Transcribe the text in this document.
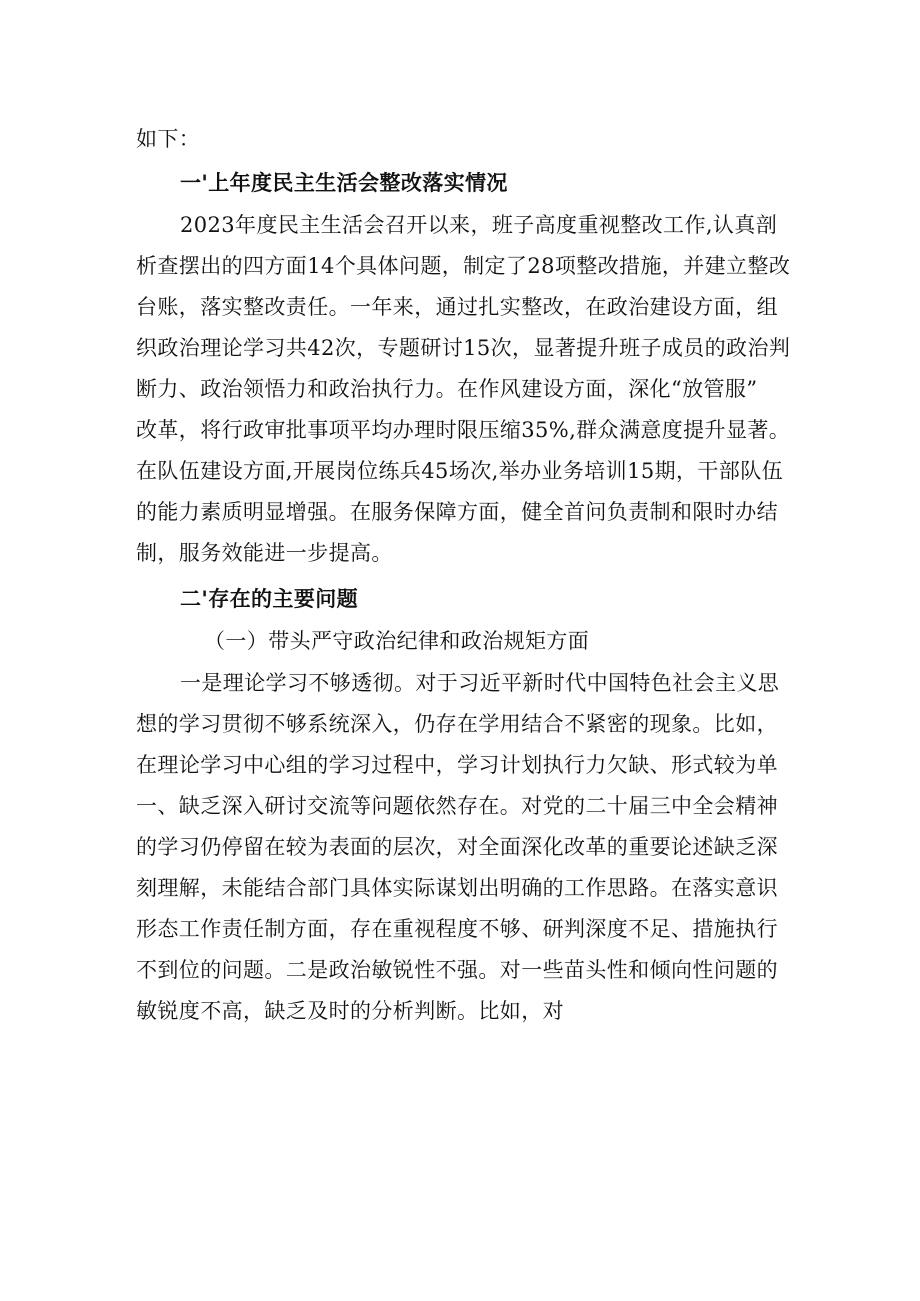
如下：
一'上年度民主生活会整改落实情况
2023年度民主生活会召开以来，班子高度重视整改工作,认真剖
析查摆出的四方面14个具体问题，制定了28项整改措施，并建立整改
台账，落实整改责任。一年来，通过扎实整改，在政治建设方面，组
织政治理论学习共42次，专题研讨15次，显著提升班子成员的政治判
断力、政治领悟力和政治执行力。在作风建设方面，深化“放管服”
改革，将行政审批事项平均办理时限压缩35%,群众满意度提升显著。
在队伍建设方面,开展岗位练兵45场次,举办业务培训15期，干部队伍
的能力素质明显增强。在服务保障方面，健全首问负责制和限时办结
制，服务效能进一步提高。
二'存在的主要问题
（一）带头严守政治纪律和政治规矩方面
一是理论学习不够透彻。对于习近平新时代中国特色社会主义思
想的学习贯彻不够系统深入，仍存在学用结合不紧密的现象。比如，
在理论学习中心组的学习过程中，学习计划执行力欠缺、形式较为单
一、缺乏深入研讨交流等问题依然存在。对党的二十届三中全会精神
的学习仍停留在较为表面的层次，对全面深化改革的重要论述缺乏深
刻理解，未能结合部门具体实际谋划出明确的工作思路。在落实意识
形态工作责任制方面，存在重视程度不够、研判深度不足、措施执行
不到位的问题。二是政治敏锐性不强。对一些苗头性和倾向性问题的
敏锐度不高，缺乏及时的分析判断。比如，对
